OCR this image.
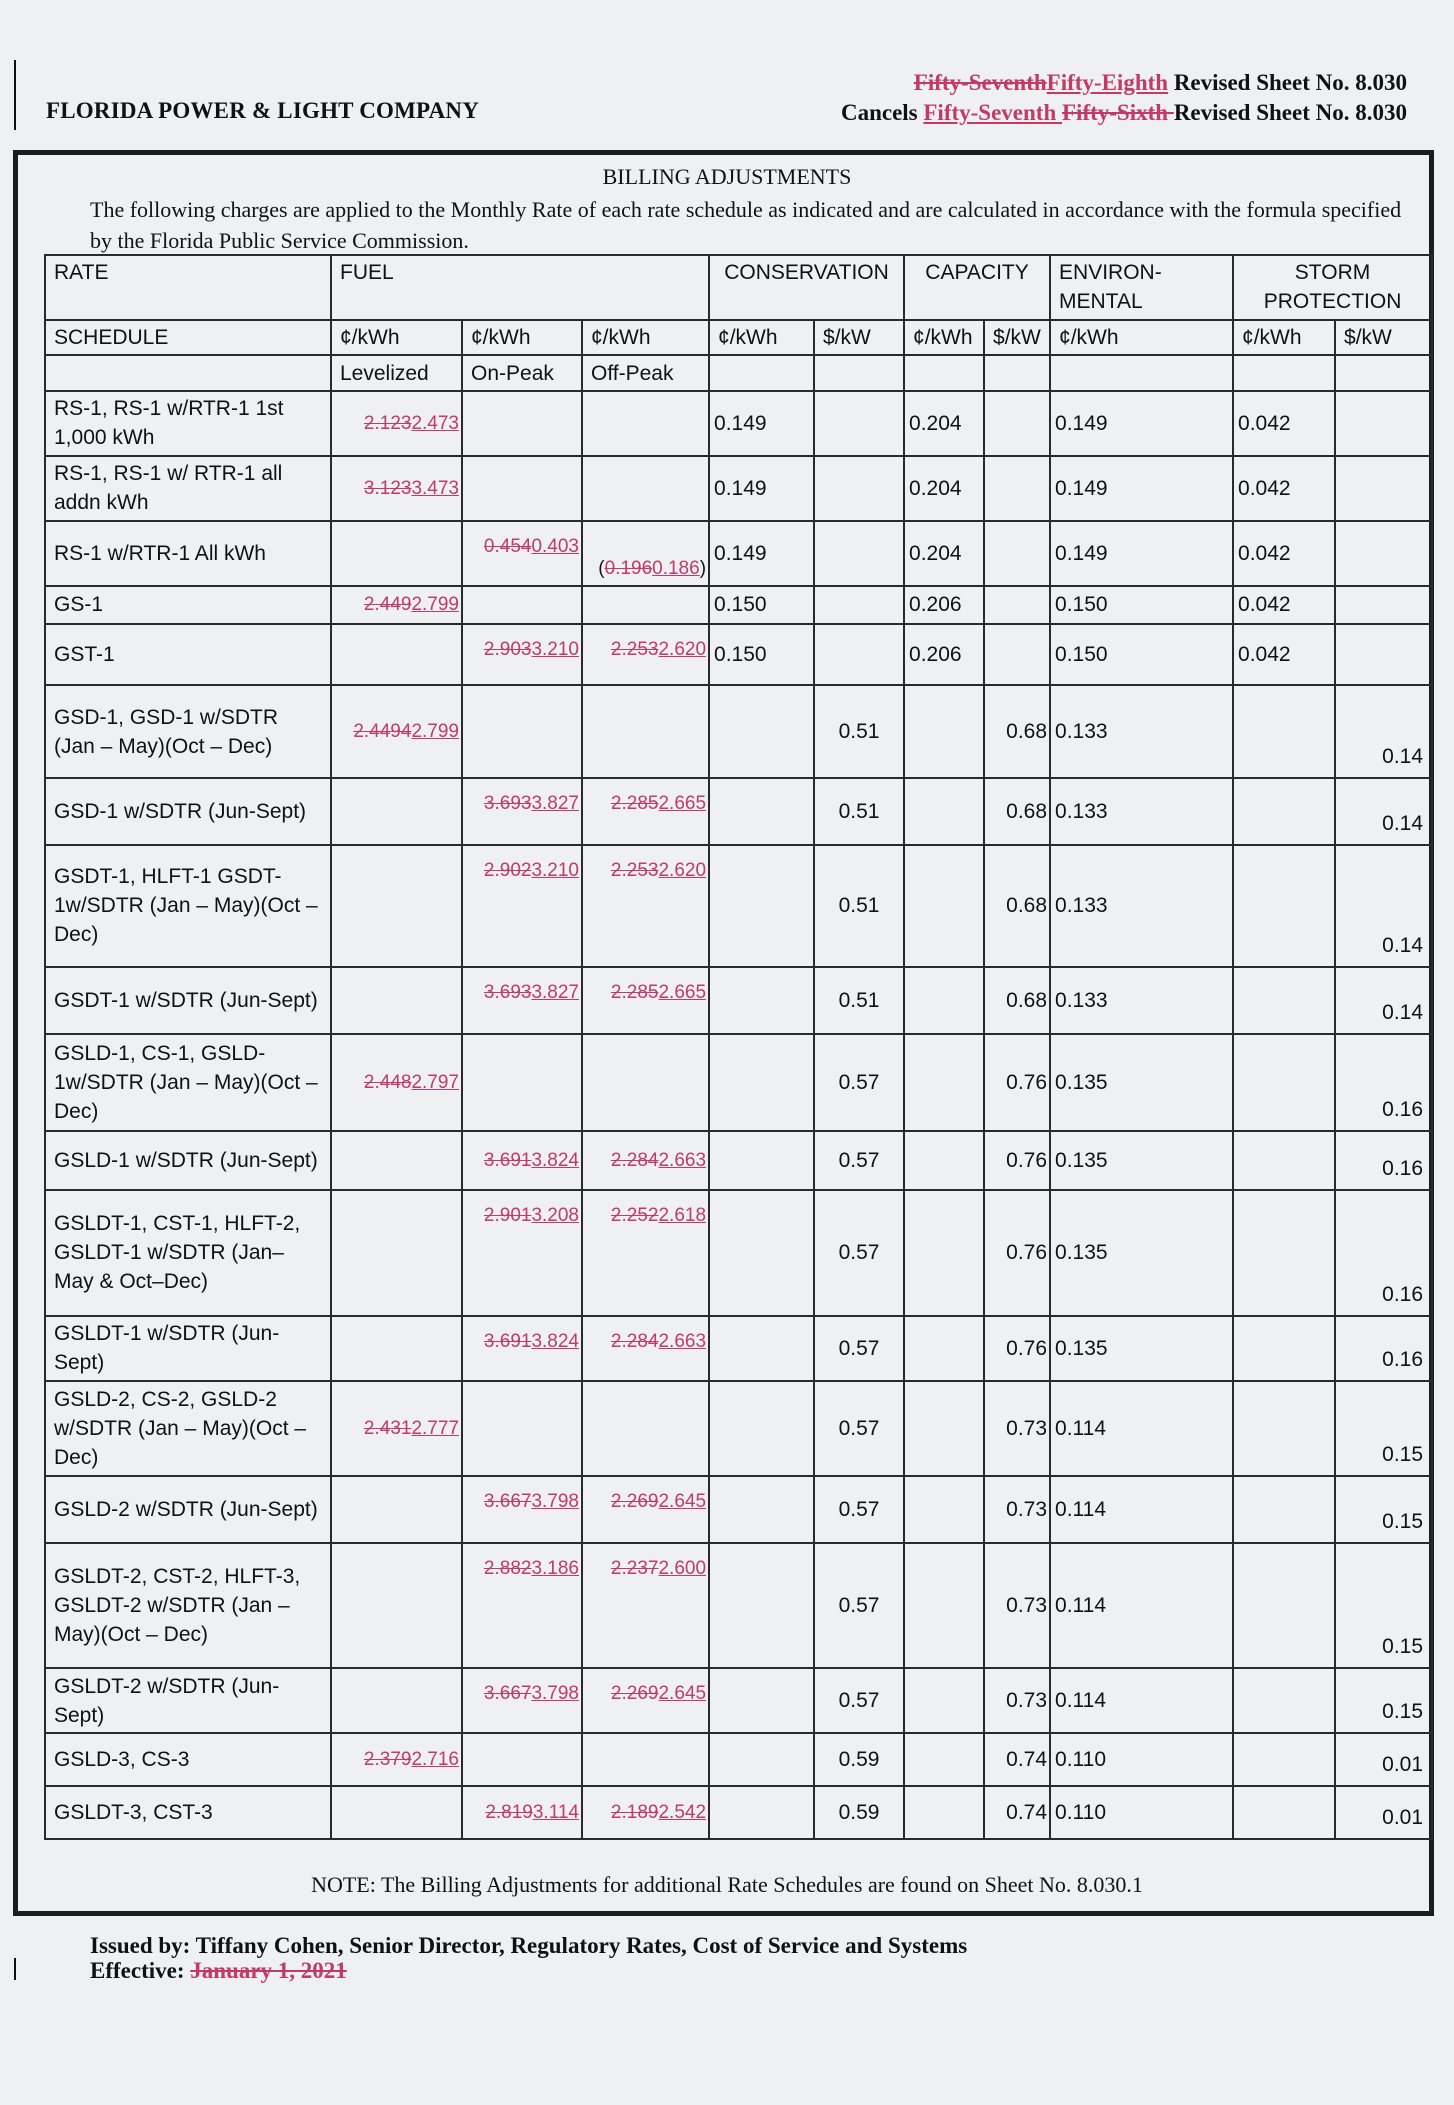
FLORIDA POWER & LIGHT COMPANY
Fifty-SeventhFifty-Eighth Revised Sheet No. 8.030
Cancels Fifty-Seventh Fifty-Sixth Revised Sheet No. 8.030
BILLING ADJUSTMENTS
The following charges are applied to the Monthly Rate of each rate schedule as indicated and are calculated in accordance with the formula specified by the Florida Public Service Commission.
RATE	FUEL			CONSERVATION		CAPACITY		ENVIRON-MENTAL	STORM PROTECTION	
SCHEDULE	¢/kWh	¢/kWh	¢/kWh	¢/kWh	$/kW	¢/kWh	$/kW	¢/kWh	¢/kWh	$/kW
	Levelized	On-Peak	Off-Peak							
RS-1, RS-1 w/RTR-1 1st 1,000 kWh	2.1232.473			0.149		0.204		0.149	0.042	
RS-1, RS-1 w/ RTR-1 all addn kWh	3.1233.473			0.149		0.204		0.149	0.042	
RS-1 w/RTR-1 All kWh		0.4540.403	(0.1960.186)	0.149		0.204		0.149	0.042	
GS-1	2.4492.799			0.150		0.206		0.150	0.042	
GST-1		2.9033.210	2.2532.620	0.150		0.206		0.150	0.042	
GSD-1, GSD-1 w/SDTR (Jan – May)(Oct – Dec)	2.44942.799				0.51		0.68	0.133		0.14
GSD-1 w/SDTR (Jun-Sept)		3.6933.827	2.2852.665		0.51		0.68	0.133		0.14
GSDT-1, HLFT-1 GSDT-1w/SDTR (Jan – May)(Oct – Dec)		2.9023.210	2.2532.620		0.51		0.68	0.133		0.14
GSDT-1 w/SDTR (Jun-Sept)		3.6933.827	2.2852.665		0.51		0.68	0.133		0.14
GSLD-1, CS-1, GSLD-1w/SDTR (Jan – May)(Oct – Dec)	2.4482.797				0.57		0.76	0.135		0.16
GSLD-1 w/SDTR (Jun-Sept)		3.6913.824	2.2842.663		0.57		0.76	0.135		0.16
GSLDT-1, CST-1, HLFT-2, GSLDT-1 w/SDTR (Jan–May & Oct–Dec)		2.9013.208	2.2522.618		0.57		0.76	0.135		0.16
GSLDT-1 w/SDTR (Jun-Sept)		3.6913.824	2.2842.663		0.57		0.76	0.135		0.16
GSLD-2, CS-2, GSLD-2 w/SDTR (Jan – May)(Oct – Dec)	2.4312.777				0.57		0.73	0.114		0.15
GSLD-2 w/SDTR (Jun-Sept)		3.6673.798	2.2692.645		0.57		0.73	0.114		0.15
GSLDT-2, CST-2, HLFT-3, GSLDT-2 w/SDTR (Jan – May)(Oct – Dec)		2.8823.186	2.2372.600		0.57		0.73	0.114		0.15
GSLDT-2 w/SDTR (Jun-Sept)		3.6673.798	2.2692.645		0.57		0.73	0.114		0.15
GSLD-3, CS-3	2.3792.716				0.59		0.74	0.110		0.01
GSLDT-3, CST-3		2.8193.114	2.1892.542		0.59		0.74	0.110		0.01
NOTE: The Billing Adjustments for additional Rate Schedules are found on Sheet No. 8.030.1
Issued by: Tiffany Cohen, Senior Director, Regulatory Rates, Cost of Service and Systems
Effective: January 1, 2021
